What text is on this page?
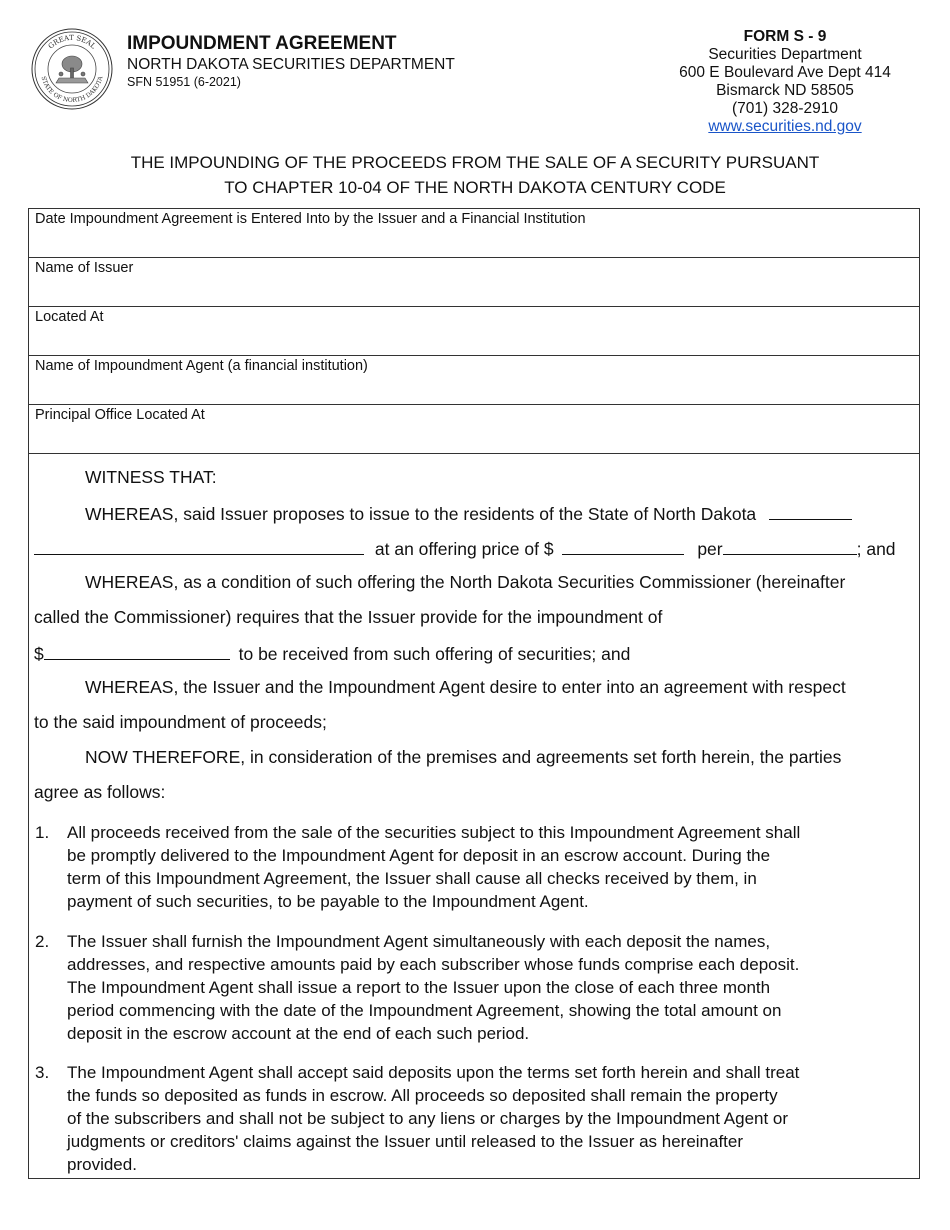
GREAT SEAL
STATE OF NORTH DAKOTA
IMPOUNDMENT AGREEMENT
NORTH DAKOTA SECURITIES DEPARTMENT
SFN 51951 (6-2021)
FORM S - 9
Securities Department
600 E Boulevard Ave Dept 414
Bismarck ND 58505
(701) 328-2910
www.securities.nd.gov
THE IMPOUNDING OF THE PROCEEDS FROM THE SALE OF A SECURITY PURSUANT
TO CHAPTER 10-04 OF THE NORTH DAKOTA CENTURY CODE
Date Impoundment Agreement is Entered Into by the Issuer and a Financial Institution
Name of Issuer
Located At
Name of Impoundment Agent (a financial institution)
Principal Office Located At
WITNESS THAT:
WHEREAS, said Issuer proposes to issue to the residents of the State of North Dakota
at an offering price of $	per	; and
WHEREAS, as a condition of such offering the North Dakota Securities Commissioner (hereinafter
called the Commissioner) requires that the Issuer provide for the impoundment of
$	to be received from such offering of securities; and
WHEREAS, the Issuer and the Impoundment Agent desire to enter into an agreement with respect
to the said impoundment of proceeds;
NOW THEREFORE, in consideration of the premises and agreements set forth herein, the parties
agree as follows:
1. All proceeds received from the sale of the securities subject to this Impoundment Agreement shall
be promptly delivered to the Impoundment Agent for deposit in an escrow account. During the
term of this Impoundment Agreement, the Issuer shall cause all checks received by them, in
payment of such securities, to be payable to the Impoundment Agent.
2. The Issuer shall furnish the Impoundment Agent simultaneously with each deposit the names,
addresses, and respective amounts paid by each subscriber whose funds comprise each deposit.
The Impoundment Agent shall issue a report to the Issuer upon the close of each three month
period commencing with the date of the Impoundment Agreement, showing the total amount on
deposit in the escrow account at the end of each such period.
3. The Impoundment Agent shall accept said deposits upon the terms set forth herein and shall treat
the funds so deposited as funds in escrow. All proceeds so deposited shall remain the property
of the subscribers and shall not be subject to any liens or charges by the Impoundment Agent or
judgments or creditors' claims against the Issuer until released to the Issuer as hereinafter
provided.
